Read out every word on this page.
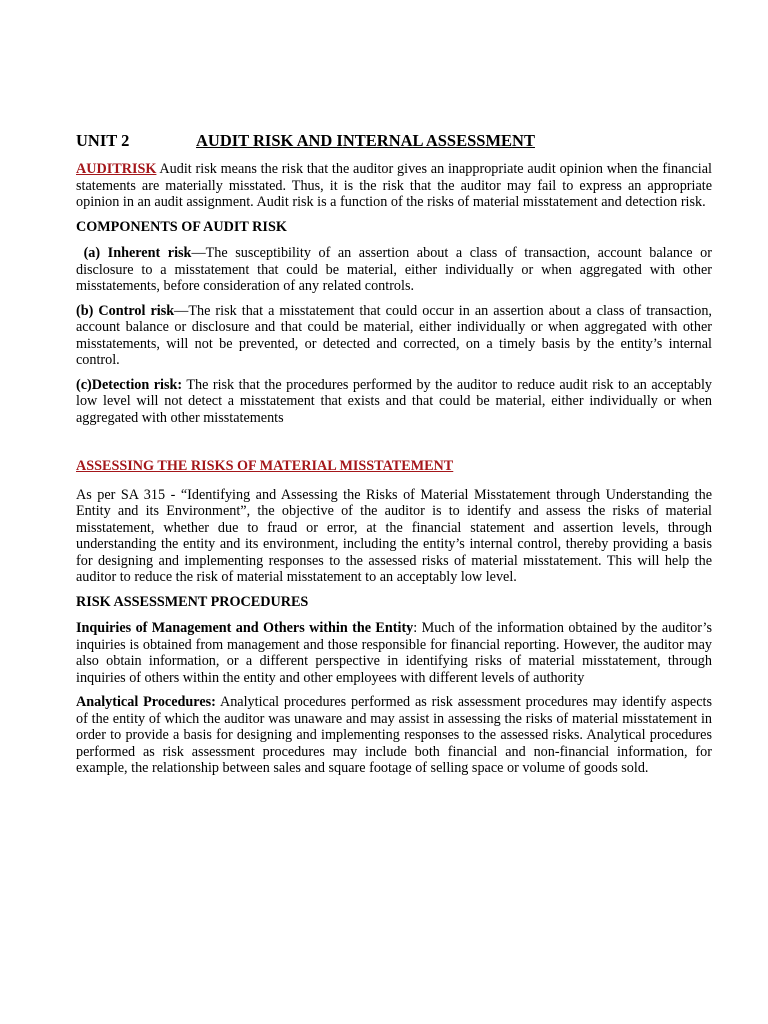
UNIT 2	AUDIT RISK AND INTERNAL ASSESSMENT

AUDITRISK Audit risk means the risk that the auditor gives an inappropriate audit opinion when the financial statements are materially misstated. Thus, it is the risk that the auditor may fail to express an appropriate opinion in an audit assignment. Audit risk is a function of the risks of material misstatement and detection risk.

COMPONENTS OF AUDIT RISK

(a) Inherent risk—The susceptibility of an assertion about a class of transaction, account balance or disclosure to a misstatement that could be material, either individually or when aggregated with other misstatements, before consideration of any related controls.

(b) Control risk—The risk that a misstatement that could occur in an assertion about a class of transaction, account balance or disclosure and that could be material, either individually or when aggregated with other misstatements, will not be prevented, or detected and corrected, on a timely basis by the entity’s internal control.

(c)Detection risk: The risk that the procedures performed by the auditor to reduce audit risk to an acceptably low level will not detect a misstatement that exists and that could be material, either individually or when aggregated with other misstatements

ASSESSING THE RISKS OF MATERIAL MISSTATEMENT

As per SA 315 - “Identifying and Assessing the Risks of Material Misstatement through Understanding the Entity and its Environment”, the objective of the auditor is to identify and assess the risks of material misstatement, whether due to fraud or error, at the financial statement and assertion levels, through understanding the entity and its environment, including the entity’s internal control, thereby providing a basis for designing and implementing responses to the assessed risks of material misstatement. This will help the auditor to reduce the risk of material misstatement to an acceptably low level.

RISK ASSESSMENT PROCEDURES

Inquiries of Management and Others within the Entity: Much of the information obtained by the auditor’s inquiries is obtained from management and those responsible for financial reporting. However, the auditor may also obtain information, or a different perspective in identifying risks of material misstatement, through inquiries of others within the entity and other employees with different levels of authority

Analytical Procedures: Analytical procedures performed as risk assessment procedures may identify aspects of the entity of which the auditor was unaware and may assist in assessing the risks of material misstatement in order to provide a basis for designing and implementing responses to the assessed risks. Analytical procedures performed as risk assessment procedures may include both financial and non-financial information, for example, the relationship between sales and square footage of selling space or volume of goods sold.
